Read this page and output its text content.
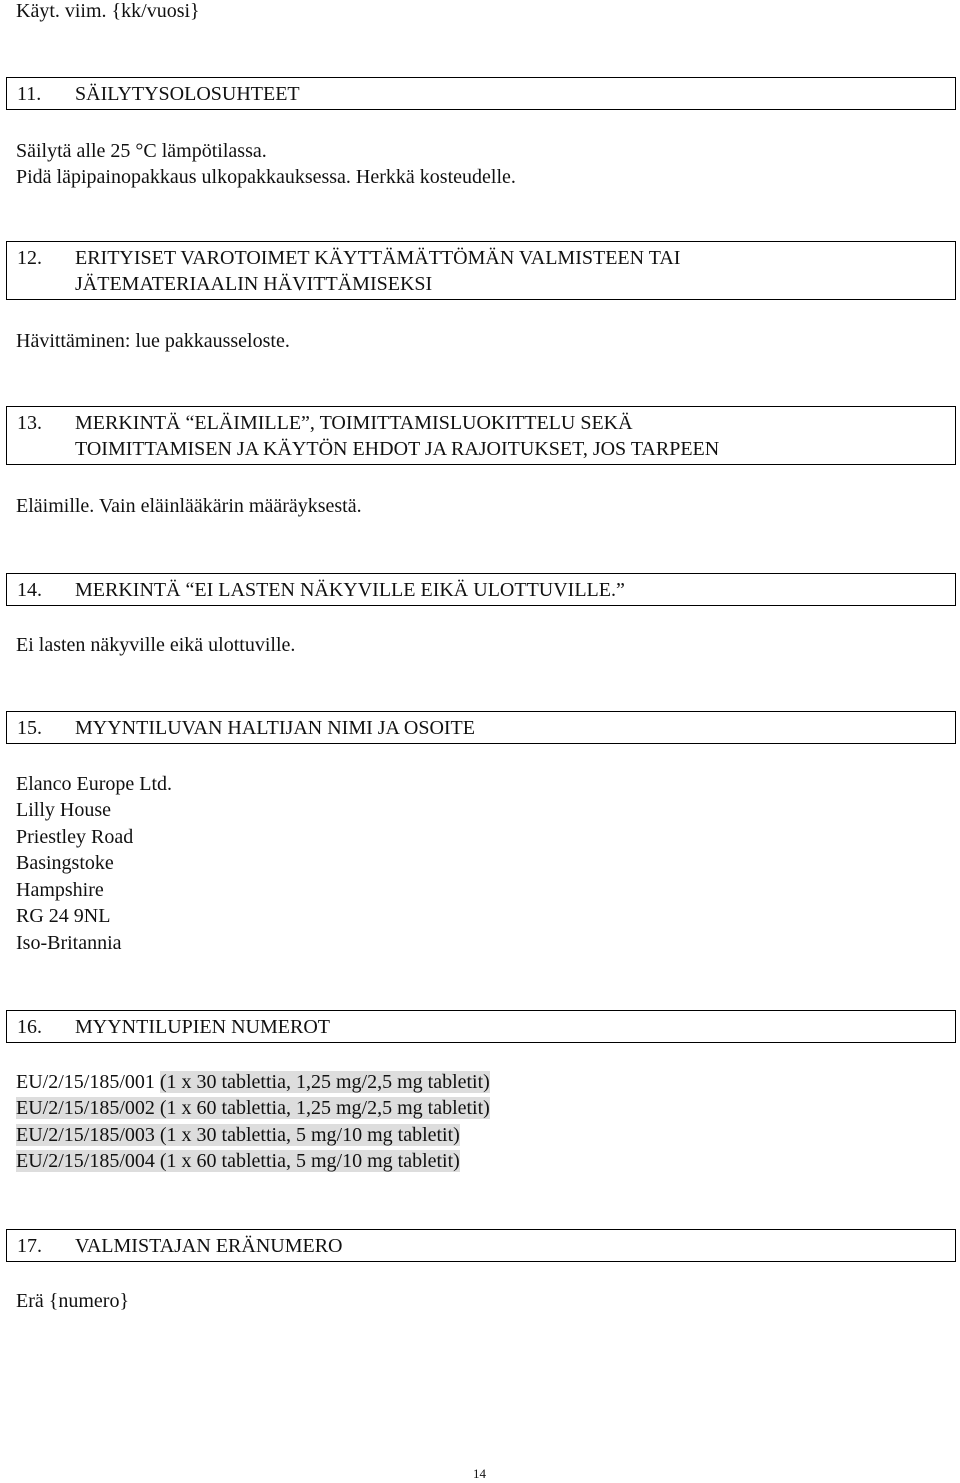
Käyt. viim. {kk/vuosi}
11. SÄILYTYSOLOSUHTEET
Säilytä alle 25 °C lämpötilassa.
Pidä läpipainopakkaus ulkopakkauksessa. Herkkä kosteudelle.
12. ERITYISET VAROTOIMET KÄYTTÄMÄTTÖMÄN VALMISTEEN TAI
JÄTEMATERIAALIN HÄVITTÄMISEKSI
Hävittäminen: lue pakkausseloste.
13. MERKINTÄ “ELÄIMILLE”, TOIMITTAMISLUOKITTELU SEKÄ
TOIMITTAMISEN JA KÄYTÖN EHDOT JA RAJOITUKSET, JOS TARPEEN
Eläimille. Vain eläinlääkärin määräyksestä.
14. MERKINTÄ “EI LASTEN NÄKYVILLE EIKÄ ULOTTUVILLE.”
Ei lasten näkyville eikä ulottuville.
15. MYYNTILUVAN HALTIJAN NIMI JA OSOITE
Elanco Europe Ltd.
Lilly House
Priestley Road
Basingstoke
Hampshire
RG 24 9NL
Iso-Britannia
16. MYYNTILUPIEN NUMEROT
EU/2/15/185/001 (1 x 30 tablettia, 1,25 mg/2,5 mg tabletit)
EU/2/15/185/002 (1 x 60 tablettia, 1,25 mg/2,5 mg tabletit)
EU/2/15/185/003 (1 x 30 tablettia, 5 mg/10 mg tabletit)
EU/2/15/185/004 (1 x 60 tablettia, 5 mg/10 mg tabletit)
17. VALMISTAJAN ERÄNUMERO
Erä {numero}
14
